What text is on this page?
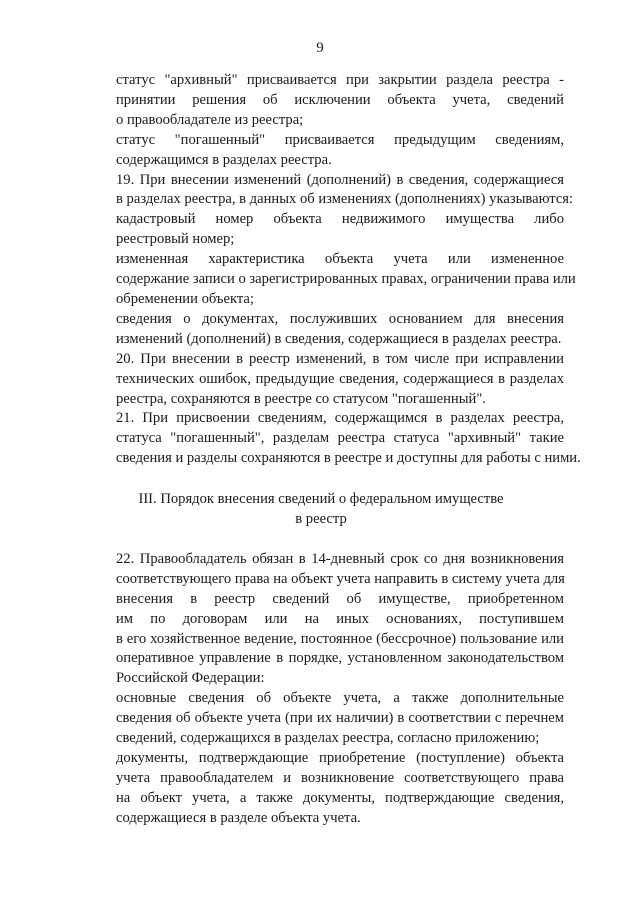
9
статус "архивный" присваивается при закрытии раздела реестра -
принятии решения об исключении объекта учета, сведений
о правообладателе из реестра;
статус "погашенный" присваивается предыдущим сведениям,
содержащимся в разделах реестра.
19. При внесении изменений (дополнений) в сведения, содержащиеся
в разделах реестра, в данных об изменениях (дополнениях) указываются:
кадастровый номер объекта недвижимого имущества либо
реестровый номер;
измененная характеристика объекта учета или измененное
содержание записи о зарегистрированных правах, ограничении права или
обременении объекта;
сведения о документах, послуживших основанием для внесения
изменений (дополнений) в сведения, содержащиеся в разделах реестра.
20. При внесении в реестр изменений, в том числе при исправлении
технических ошибок, предыдущие сведения, содержащиеся в разделах
реестра, сохраняются в реестре со статусом "погашенный".
21. При присвоении сведениям, содержащимся в разделах реестра,
статуса "погашенный", разделам реестра статуса "архивный" такие
сведения и разделы сохраняются в реестре и доступны для работы с ними.
III. Порядок внесения сведений о федеральном имуществе
в реестр
22. Правообладатель обязан в 14-дневный срок со дня возникновения
соответствующего права на объект учета направить в систему учета для
внесения в реестр сведений об имуществе, приобретенном
им по договорам или на иных основаниях, поступившем
в его хозяйственное ведение, постоянное (бессрочное) пользование или
оперативное управление в порядке, установленном законодательством
Российской Федерации:
основные сведения об объекте учета, а также дополнительные
сведения об объекте учета (при их наличии) в соответствии с перечнем
сведений, содержащихся в разделах реестра, согласно приложению;
документы, подтверждающие приобретение (поступление) объекта
учета правообладателем и возникновение соответствующего права
на объект учета, а также документы, подтверждающие сведения,
содержащиеся в разделе объекта учета.
